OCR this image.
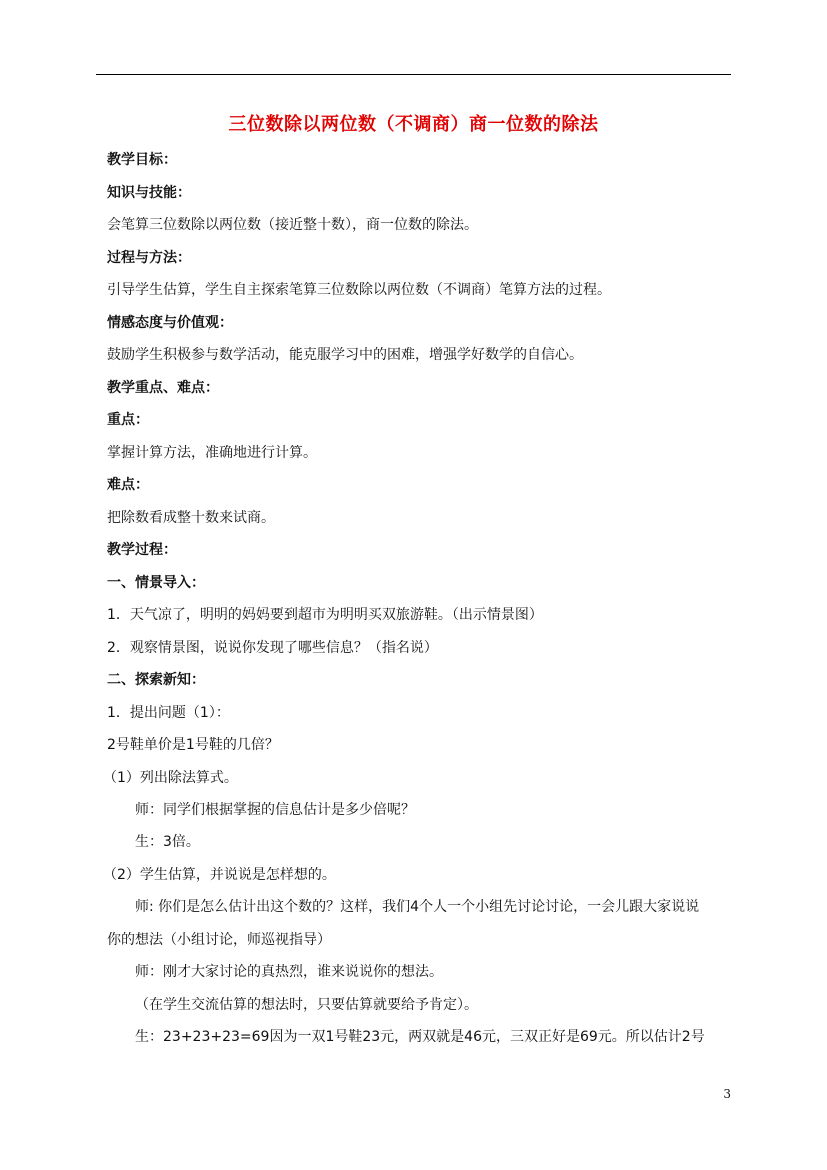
三位数除以两位数（不调商）商一位数的除法
教学目标：
知识与技能：
会笔算三位数除以两位数（接近整十数），商一位数的除法。
过程与方法：
引导学生估算，学生自主探索笔算三位数除以两位数（不调商）笔算方法的过程。
情感态度与价值观：
鼓励学生积极参与数学活动，能克服学习中的困难，增强学好数学的自信心。
教学重点、难点：
重点：
掌握计算方法，准确地进行计算。
难点：
把除数看成整十数来试商。
教学过程：
一、情景导入：
1．天气凉了，明明的妈妈要到超市为明明买双旅游鞋。（出示情景图）
2．观察情景图，说说你发现了哪些信息？（指名说）
二、探索新知：
1．提出问题（1）：
2号鞋单价是1号鞋的几倍？
（1）列出除法算式。
师：同学们根据掌握的信息估计是多少倍呢？
生：3倍。
（2）学生估算，并说说是怎样想的。
师: 你们是怎么估计出这个数的？这样，我们4个人一个小组先讨论讨论，一会儿跟大家说说
你的想法（小组讨论，师巡视指导）
师：刚才大家讨论的真热烈，谁来说说你的想法。
（在学生交流估算的想法时，只要估算就要给予肯定）。
生：23+23+23=69因为一双1号鞋23元，两双就是46元，三双正好是69元。所以估计2号
3
